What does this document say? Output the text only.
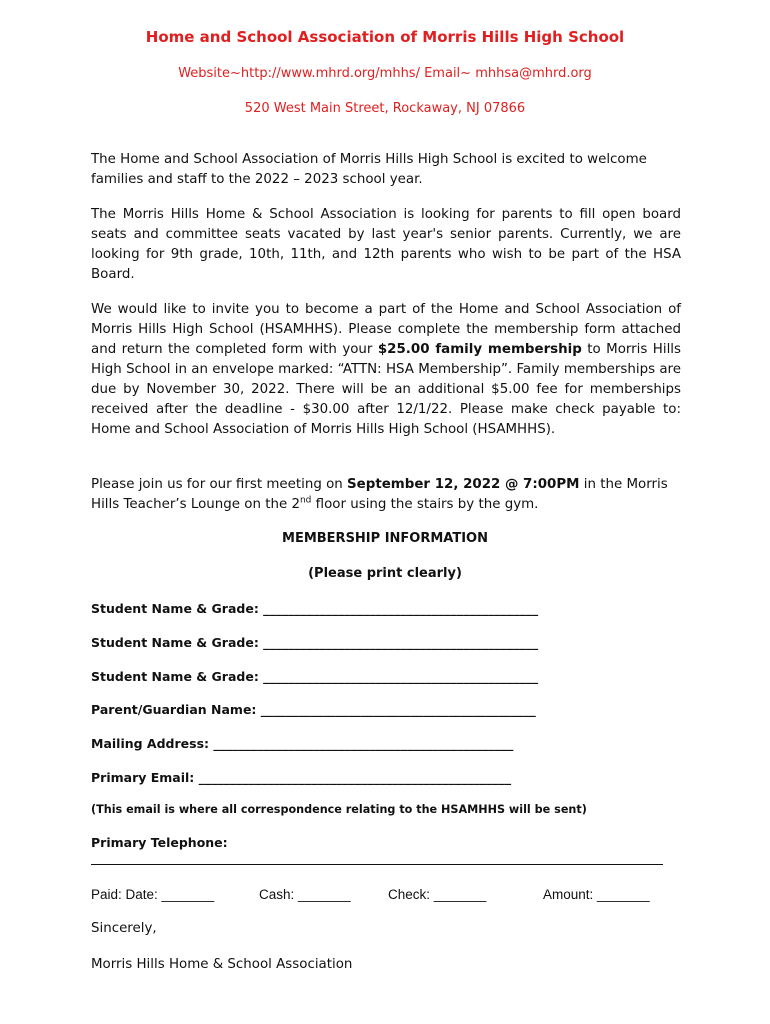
Home and School Association of Morris Hills High School
Website~http://www.mhrd.org/mhhs/ Email~ mhhsa@mhrd.org
520 West Main Street, Rockaway, NJ 07866

The Home and School Association of Morris Hills High School is excited to welcome families and staff to the 2022 – 2023 school year.

The Morris Hills Home & School Association is looking for parents to fill open board seats and committee seats vacated by last year's senior parents. Currently, we are looking for 9th grade, 10th, 11th, and 12th parents who wish to be part of the HSA Board.

We would like to invite you to become a part of the Home and School Association of Morris Hills High School (HSAMHHS). Please complete the membership form attached and return the completed form with your $25.00 family membership to Morris Hills High School in an envelope marked: “ATTN: HSA Membership”. Family memberships are due by November 30, 2022. There will be an additional $5.00 fee for memberships received after the deadline - $30.00 after 12/1/22. Please make check payable to: Home and School Association of Morris Hills High School (HSAMHHS).

Please join us for our first meeting on September 12, 2022 @ 7:00PM in the Morris Hills Teacher’s Lounge on the 2nd floor using the stairs by the gym.

MEMBERSHIP INFORMATION
(Please print clearly)
Student Name & Grade: ____________________________________________
Student Name & Grade: ____________________________________________
Student Name & Grade: ____________________________________________
Parent/Guardian Name: ____________________________________________
Mailing Address: ________________________________________________
Primary Email: __________________________________________________
(This email is where all correspondence relating to the HSAMHHS will be sent)
Primary Telephone:
Paid: Date: _______	Cash: _______	Check: _______	Amount: _______
Sincerely,
Morris Hills Home & School Association
